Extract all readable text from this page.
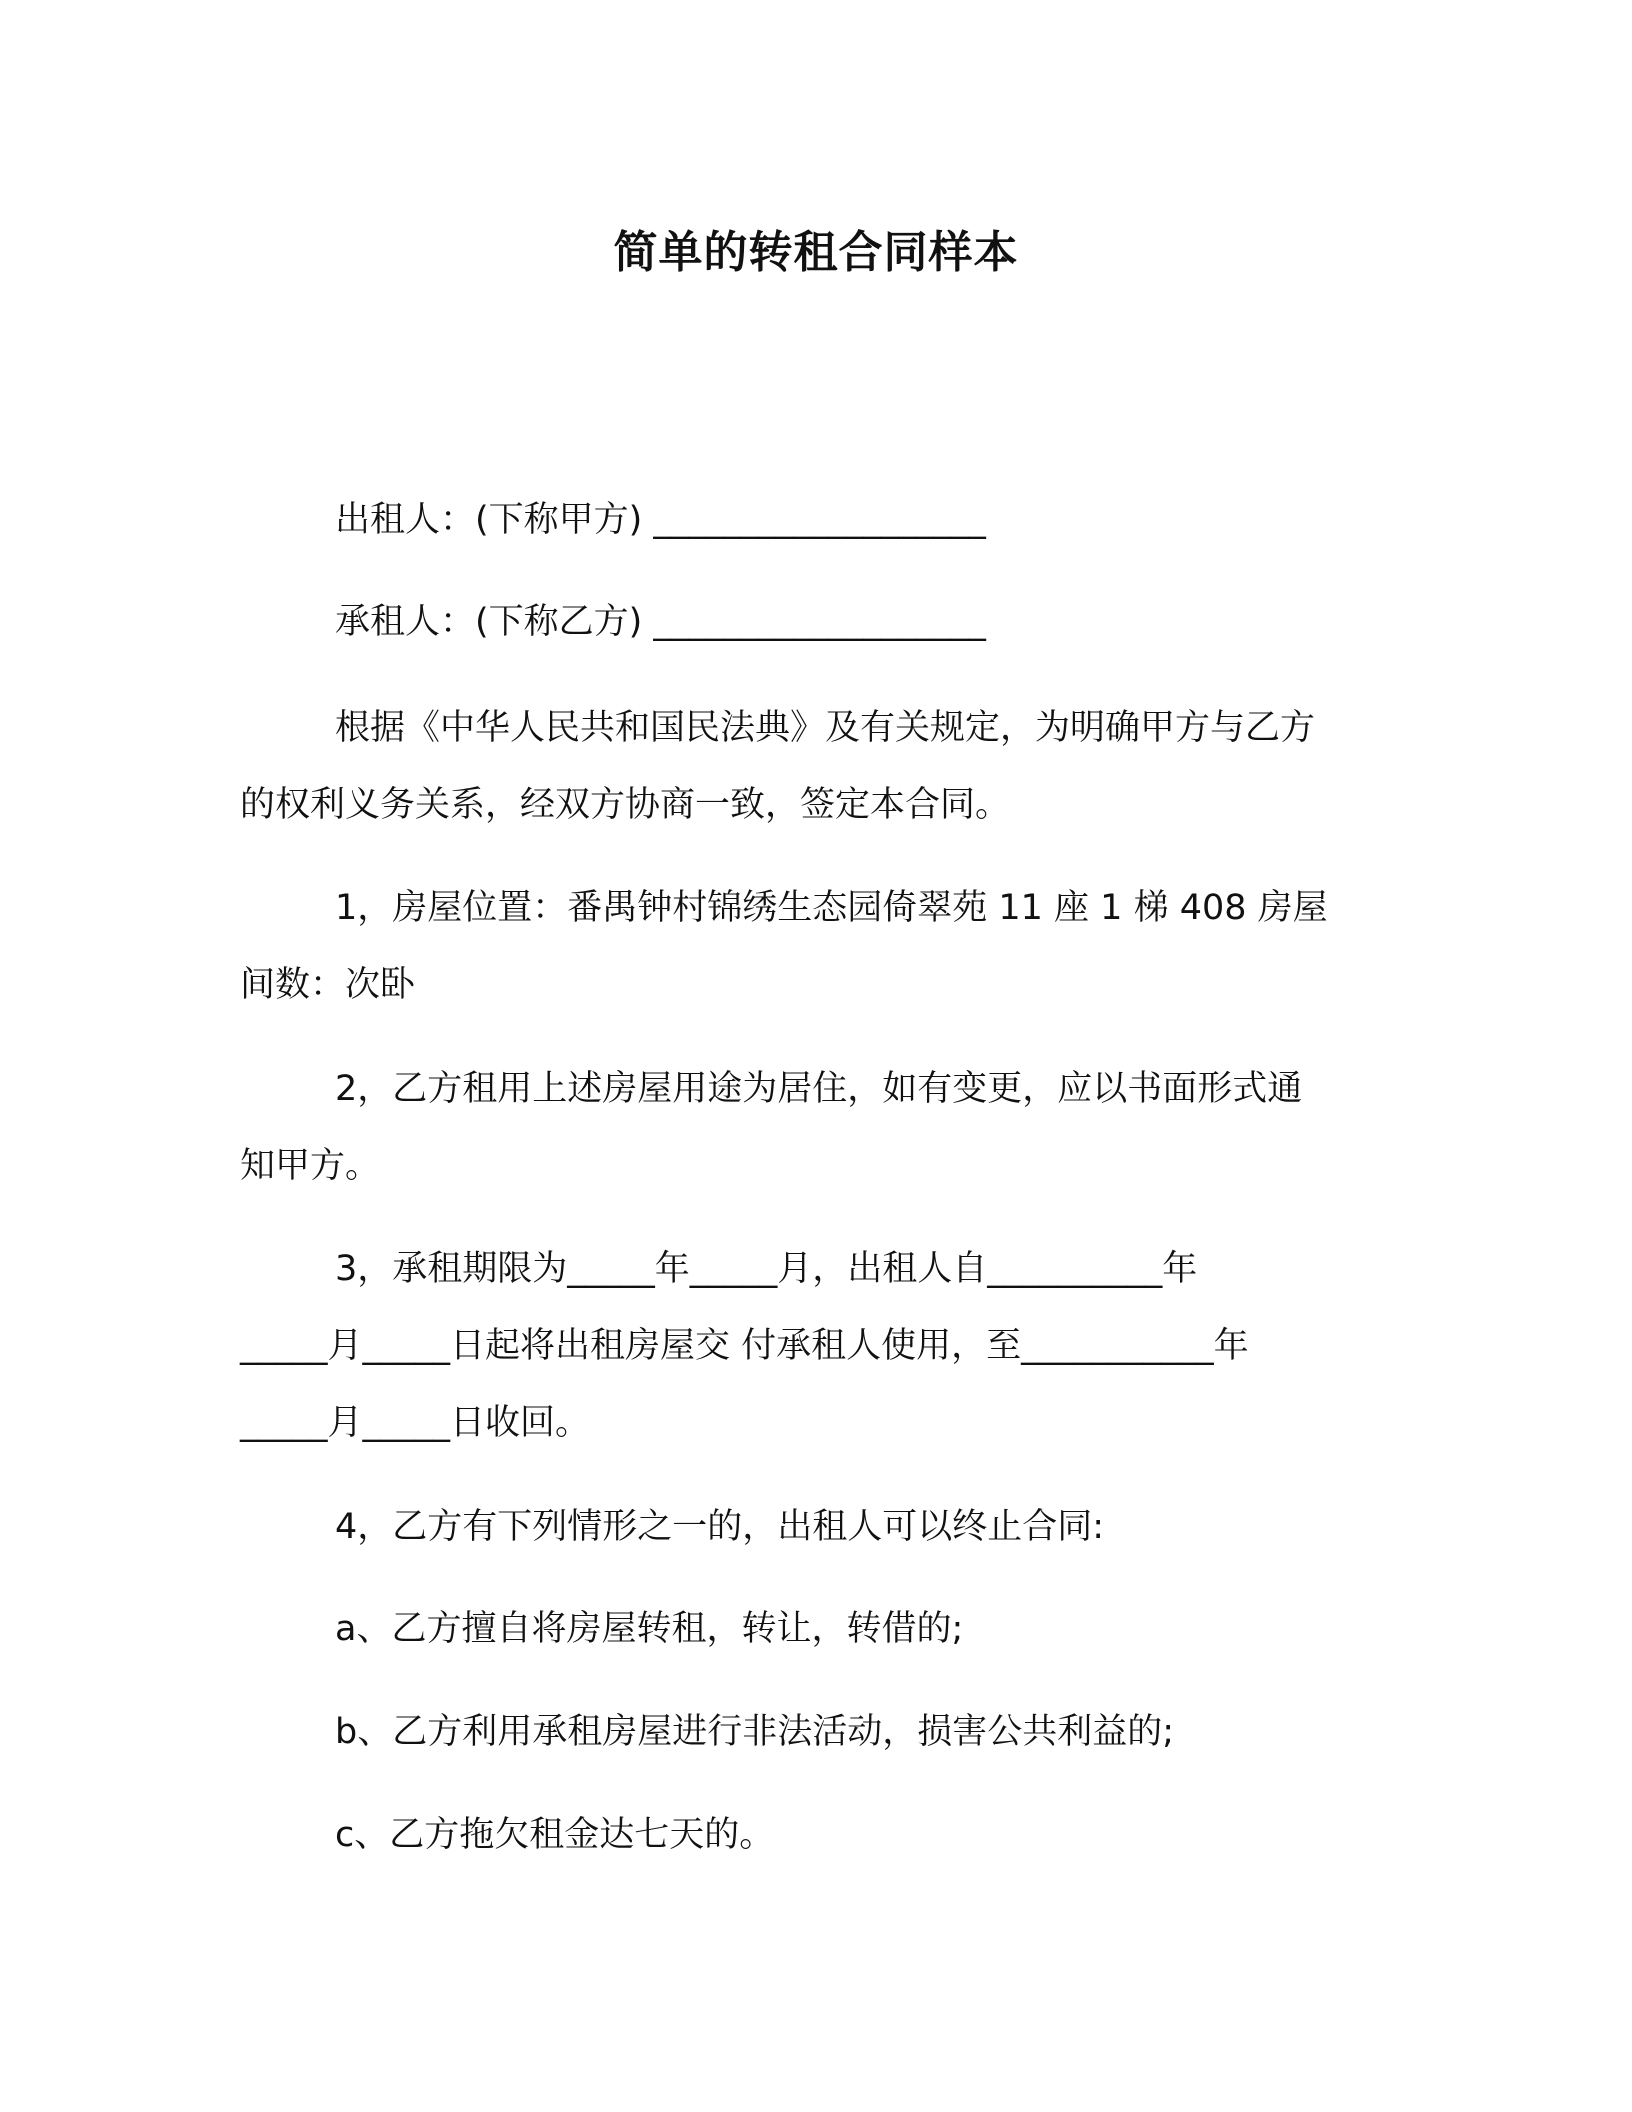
简单的转租合同样本
出租人：(下称甲方) ___________________
承租人：(下称乙方) ___________________
根据《中华人民共和国民法典》及有关规定，为明确甲方与乙方
的权利义务关系，经双方协商一致，签定本合同。
1，房屋位置：番禺钟村锦绣生态园倚翠苑 11 座 1 梯 408 房屋
间数：次卧
2，乙方租用上述房屋用途为居住，如有变更，应以书面形式通
知甲方。
3，承租期限为_____年_____月，出租人自__________年
_____月_____日起将出租房屋交 付承租人使用，至___________年
_____月_____日收回。
4，乙方有下列情形之一的，出租人可以终止合同:
a、乙方擅自将房屋转租，转让，转借的;
b、乙方利用承租房屋进行非法活动，损害公共利益的;
c、乙方拖欠租金达七天的。
